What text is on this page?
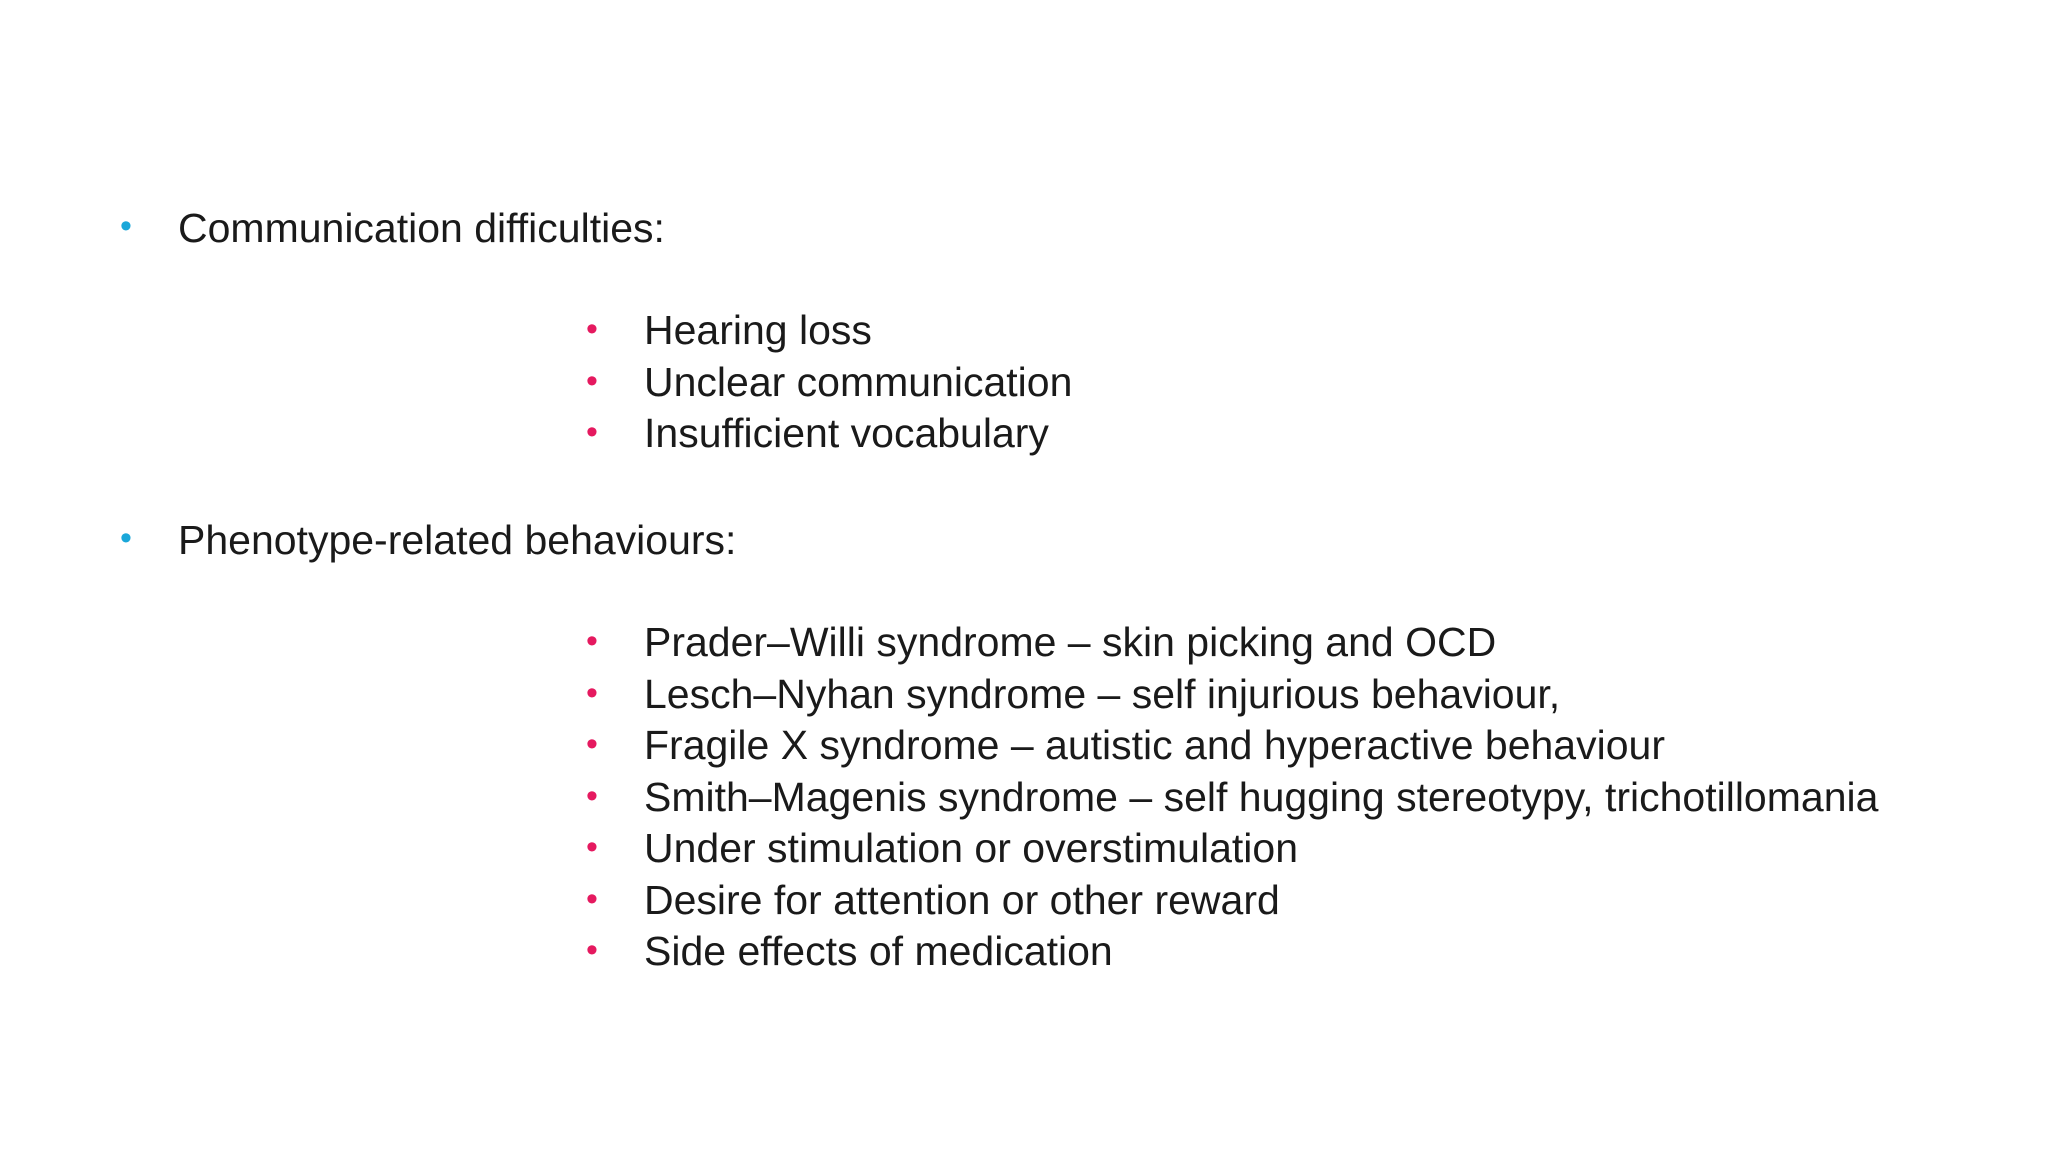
• Communication difficulties:
• Hearing loss
• Unclear communication
• Insufficient vocabulary
• Phenotype-related behaviours:
• Prader–Willi syndrome – skin picking and OCD
• Lesch–Nyhan syndrome – self injurious behaviour,
• Fragile X syndrome – autistic and hyperactive behaviour
• Smith–Magenis syndrome – self hugging stereotypy, trichotillomania
• Under stimulation or overstimulation
• Desire for attention or other reward
• Side effects of medication
